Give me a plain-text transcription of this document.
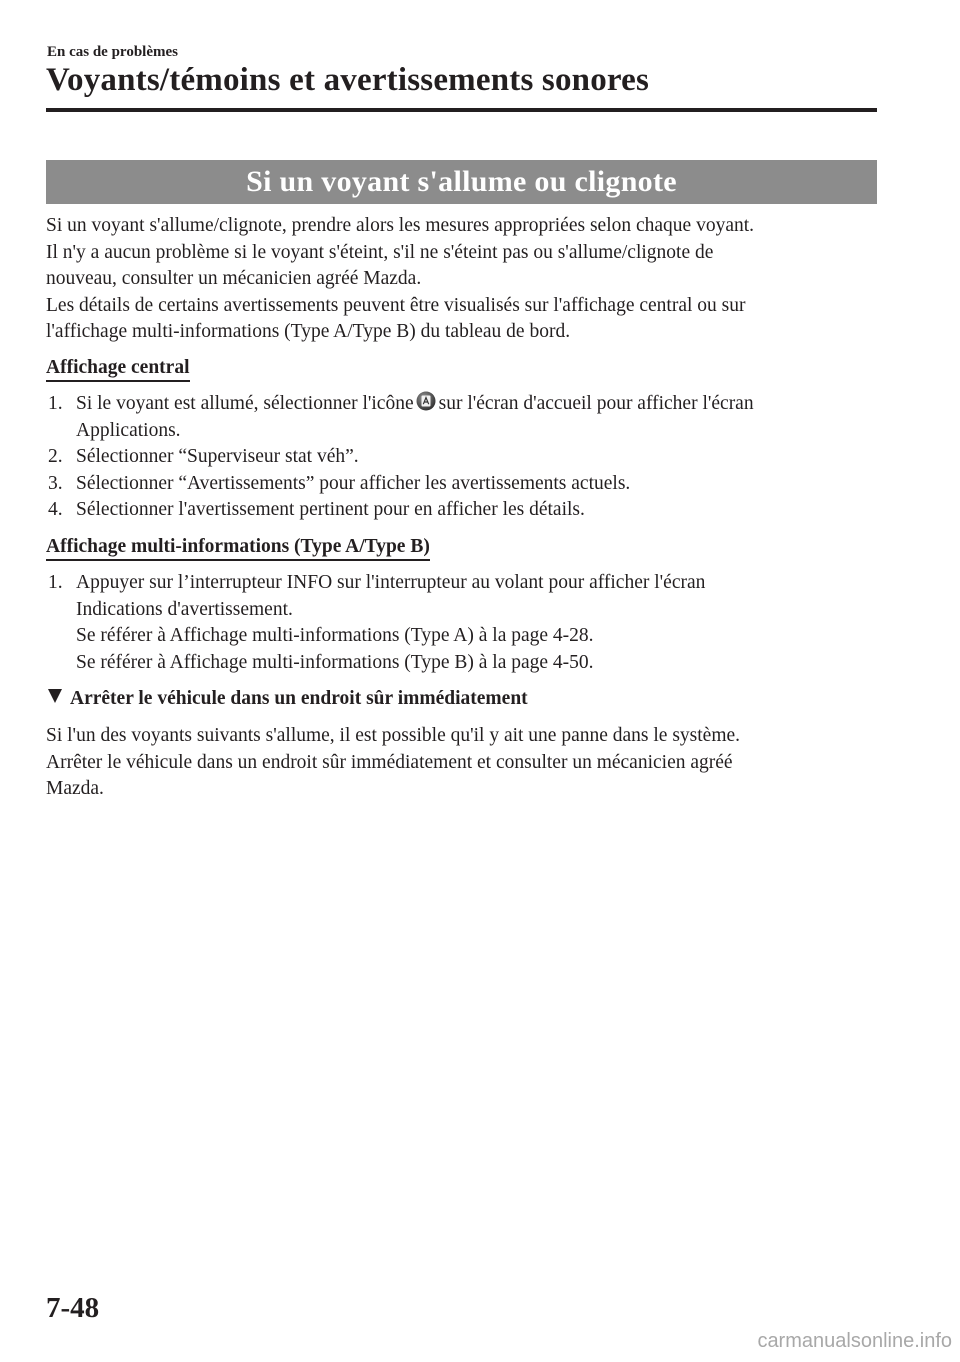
En cas de problèmes
Voyants/témoins et avertissements sonores
Si un voyant s'allume ou clignote

Si un voyant s'allume/clignote, prendre alors les mesures appropriées selon chaque voyant.
Il n'y a aucun problème si le voyant s'éteint, s'il ne s'éteint pas ou s'allume/clignote de
nouveau, consulter un mécanicien agréé Mazda.
Les détails de certains avertissements peuvent être visualisés sur l'affichage central ou sur
l'affichage multi-informations (Type A/Type B) du tableau de bord.

Affichage central
1. Si le voyant est allumé, sélectionner l'icône sur l'écran d'accueil pour afficher l'écran
Applications.
2. Sélectionner “Superviseur stat véh”.
3. Sélectionner “Avertissements” pour afficher les avertissements actuels.
4. Sélectionner l'avertissement pertinent pour en afficher les détails.
Affichage multi-informations (Type A/Type B)
1. Appuyer sur l’interrupteur INFO sur l'interrupteur au volant pour afficher l'écran
Indications d'avertissement.
Se référer à Affichage multi-informations (Type A) à la page 4-28.
Se référer à Affichage multi-informations (Type B) à la page 4-50.

Arrêter le véhicule dans un endroit sûr immédiatement

Si l'un des voyants suivants s'allume, il est possible qu'il y ait une panne dans le système.
Arrêter le véhicule dans un endroit sûr immédiatement et consulter un mécanicien agréé
Mazda.

7-48
carmanualsonline.info
